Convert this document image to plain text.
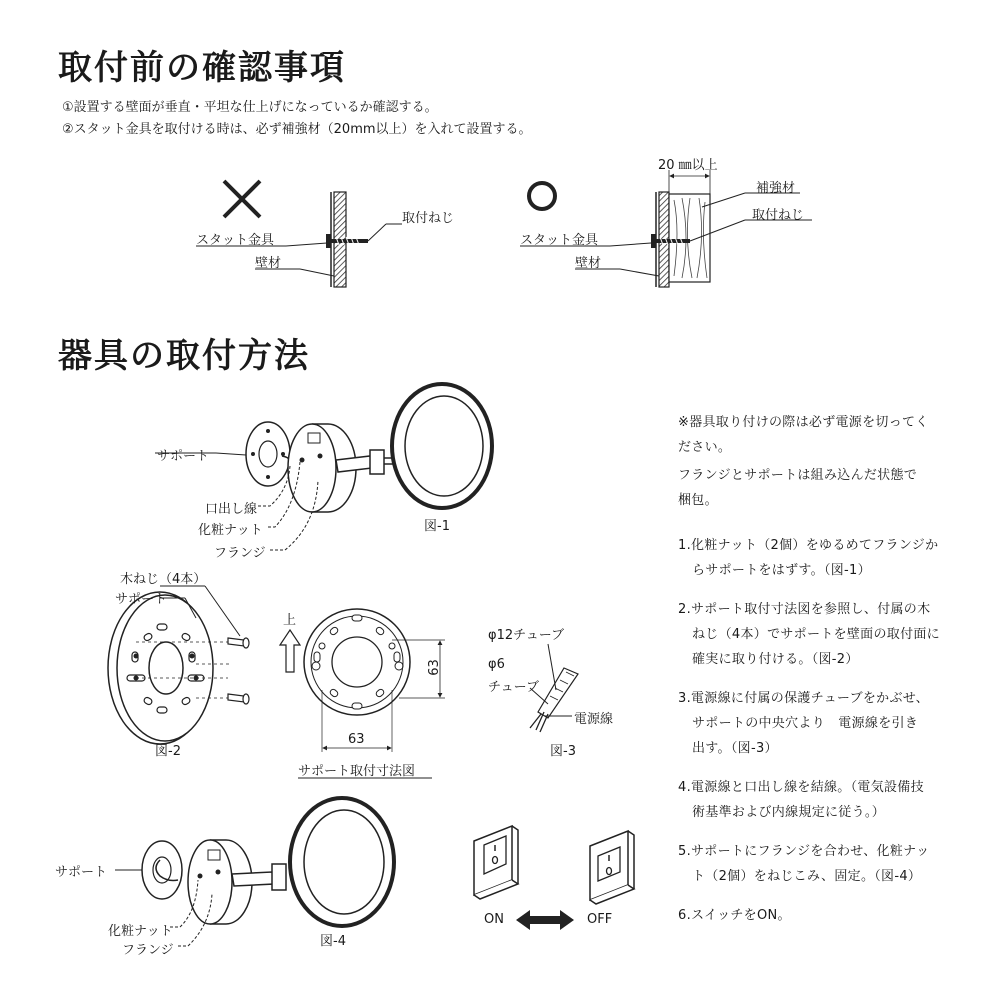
取付前の確認事項
①設置する壁面が垂直・平坦な仕上げになっているか確認する。
②スタット金具を取付ける時は、必ず補強材（20mm以上）を入れて設置する。
器具の取付方法
スタット金具
壁材
取付ねじ
20 ㎜以上
補強材
取付ねじ
スタット金具
壁材
サポート
口出し線
化粧ナット
フランジ
図-1
木ねじ（4本）
サポート
図-2
上
63
63
サポート取付寸法図
φ12チューブ
φ6
チューブ
電源線
図-3
サポート
化粧ナット
フランジ
図-4
ON	OFF
※器具取り付けの際は必ず電源を切ってく
ださい。
フランジとサポートは組み込んだ状態で
梱包。
1.化粧ナット（2個）をゆるめてフランジか
らサポートをはずす。（図-1）
2.サポート取付寸法図を参照し、付属の木
ねじ（4本）でサポートを壁面の取付面に
確実に取り付ける。（図-2）
3.電源線に付属の保護チューブをかぶせ、
サポートの中央穴より　電源線を引き
出す。（図-3）
4.電源線と口出し線を結線。（電気設備技
術基準および内線規定に従う。）
5.サポートにフランジを合わせ、化粧ナッ
ト（2個）をねじこみ、固定。（図-4）
6.スイッチをON。
